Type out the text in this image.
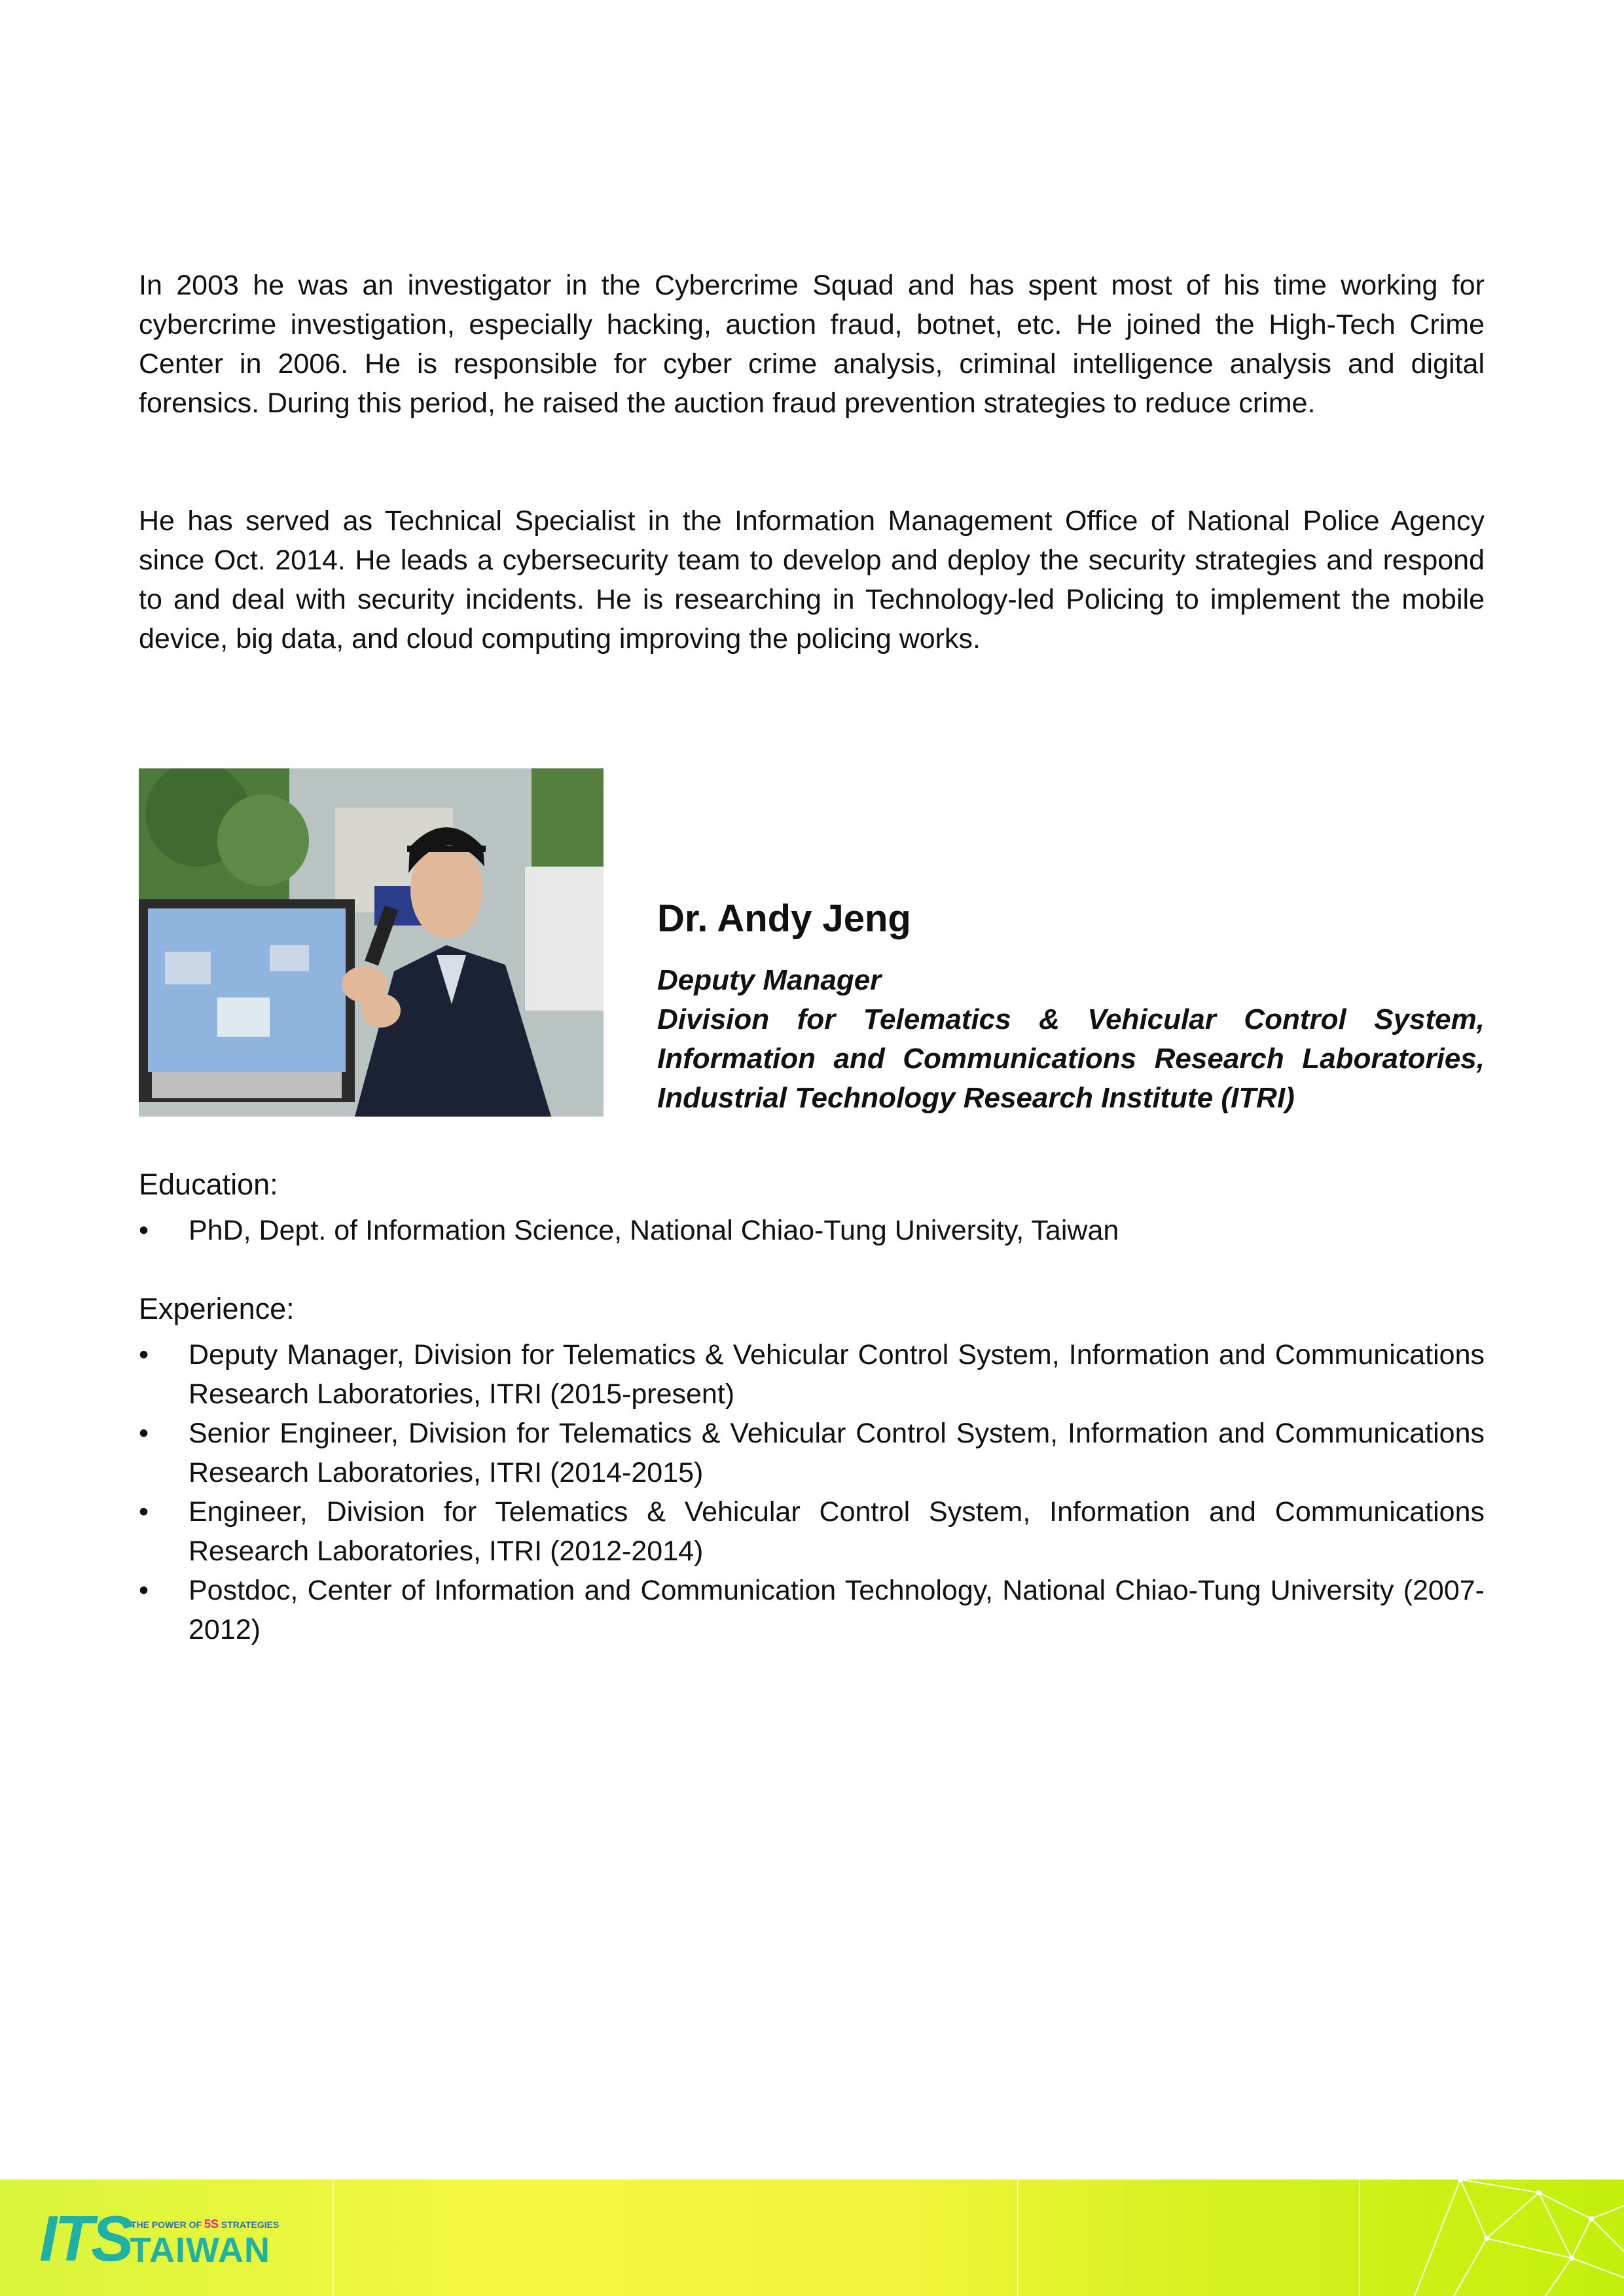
In 2003 he was an investigator in the Cybercrime Squad and has spent most of his time working for cybercrime investigation, especially hacking, auction fraud, botnet, etc. He joined the High-Tech Crime Center in 2006. He is responsible for cyber crime analysis, criminal intelligence analysis and digital forensics. During this period, he raised the auction fraud prevention strategies to reduce crime.

He has served as Technical Specialist in the Information Management Office of National Police Agency since Oct. 2014. He leads a cybersecurity team to develop and deploy the security strategies and respond to and deal with security incidents. He is researching in Technology-led Policing to implement the mobile device, big data, and cloud computing improving the policing works.

Dr. Andy Jeng
Deputy Manager
Division for Telematics & Vehicular Control System,
Information and Communications Research Laboratories,
Industrial Technology Research Institute (ITRI)

Education:

• PhD, Dept. of Information Science, National Chiao-Tung University, Taiwan

Experience:

• Deputy Manager, Division for Telematics & Vehicular Control System, Information and Communications Research Laboratories, ITRI (2015-present)
• Senior Engineer, Division for Telematics & Vehicular Control System, Information and Communications Research Laboratories, ITRI (2014-2015)
• Engineer, Division for Telematics & Vehicular Control System, Information and Communications Research Laboratories, ITRI (2012-2014)
• Postdoc, Center of Information and Communication Technology, National Chiao-Tung University (2007-2012)
ITS THE POWER OF 5S STRATEGIES
TAIWAN
